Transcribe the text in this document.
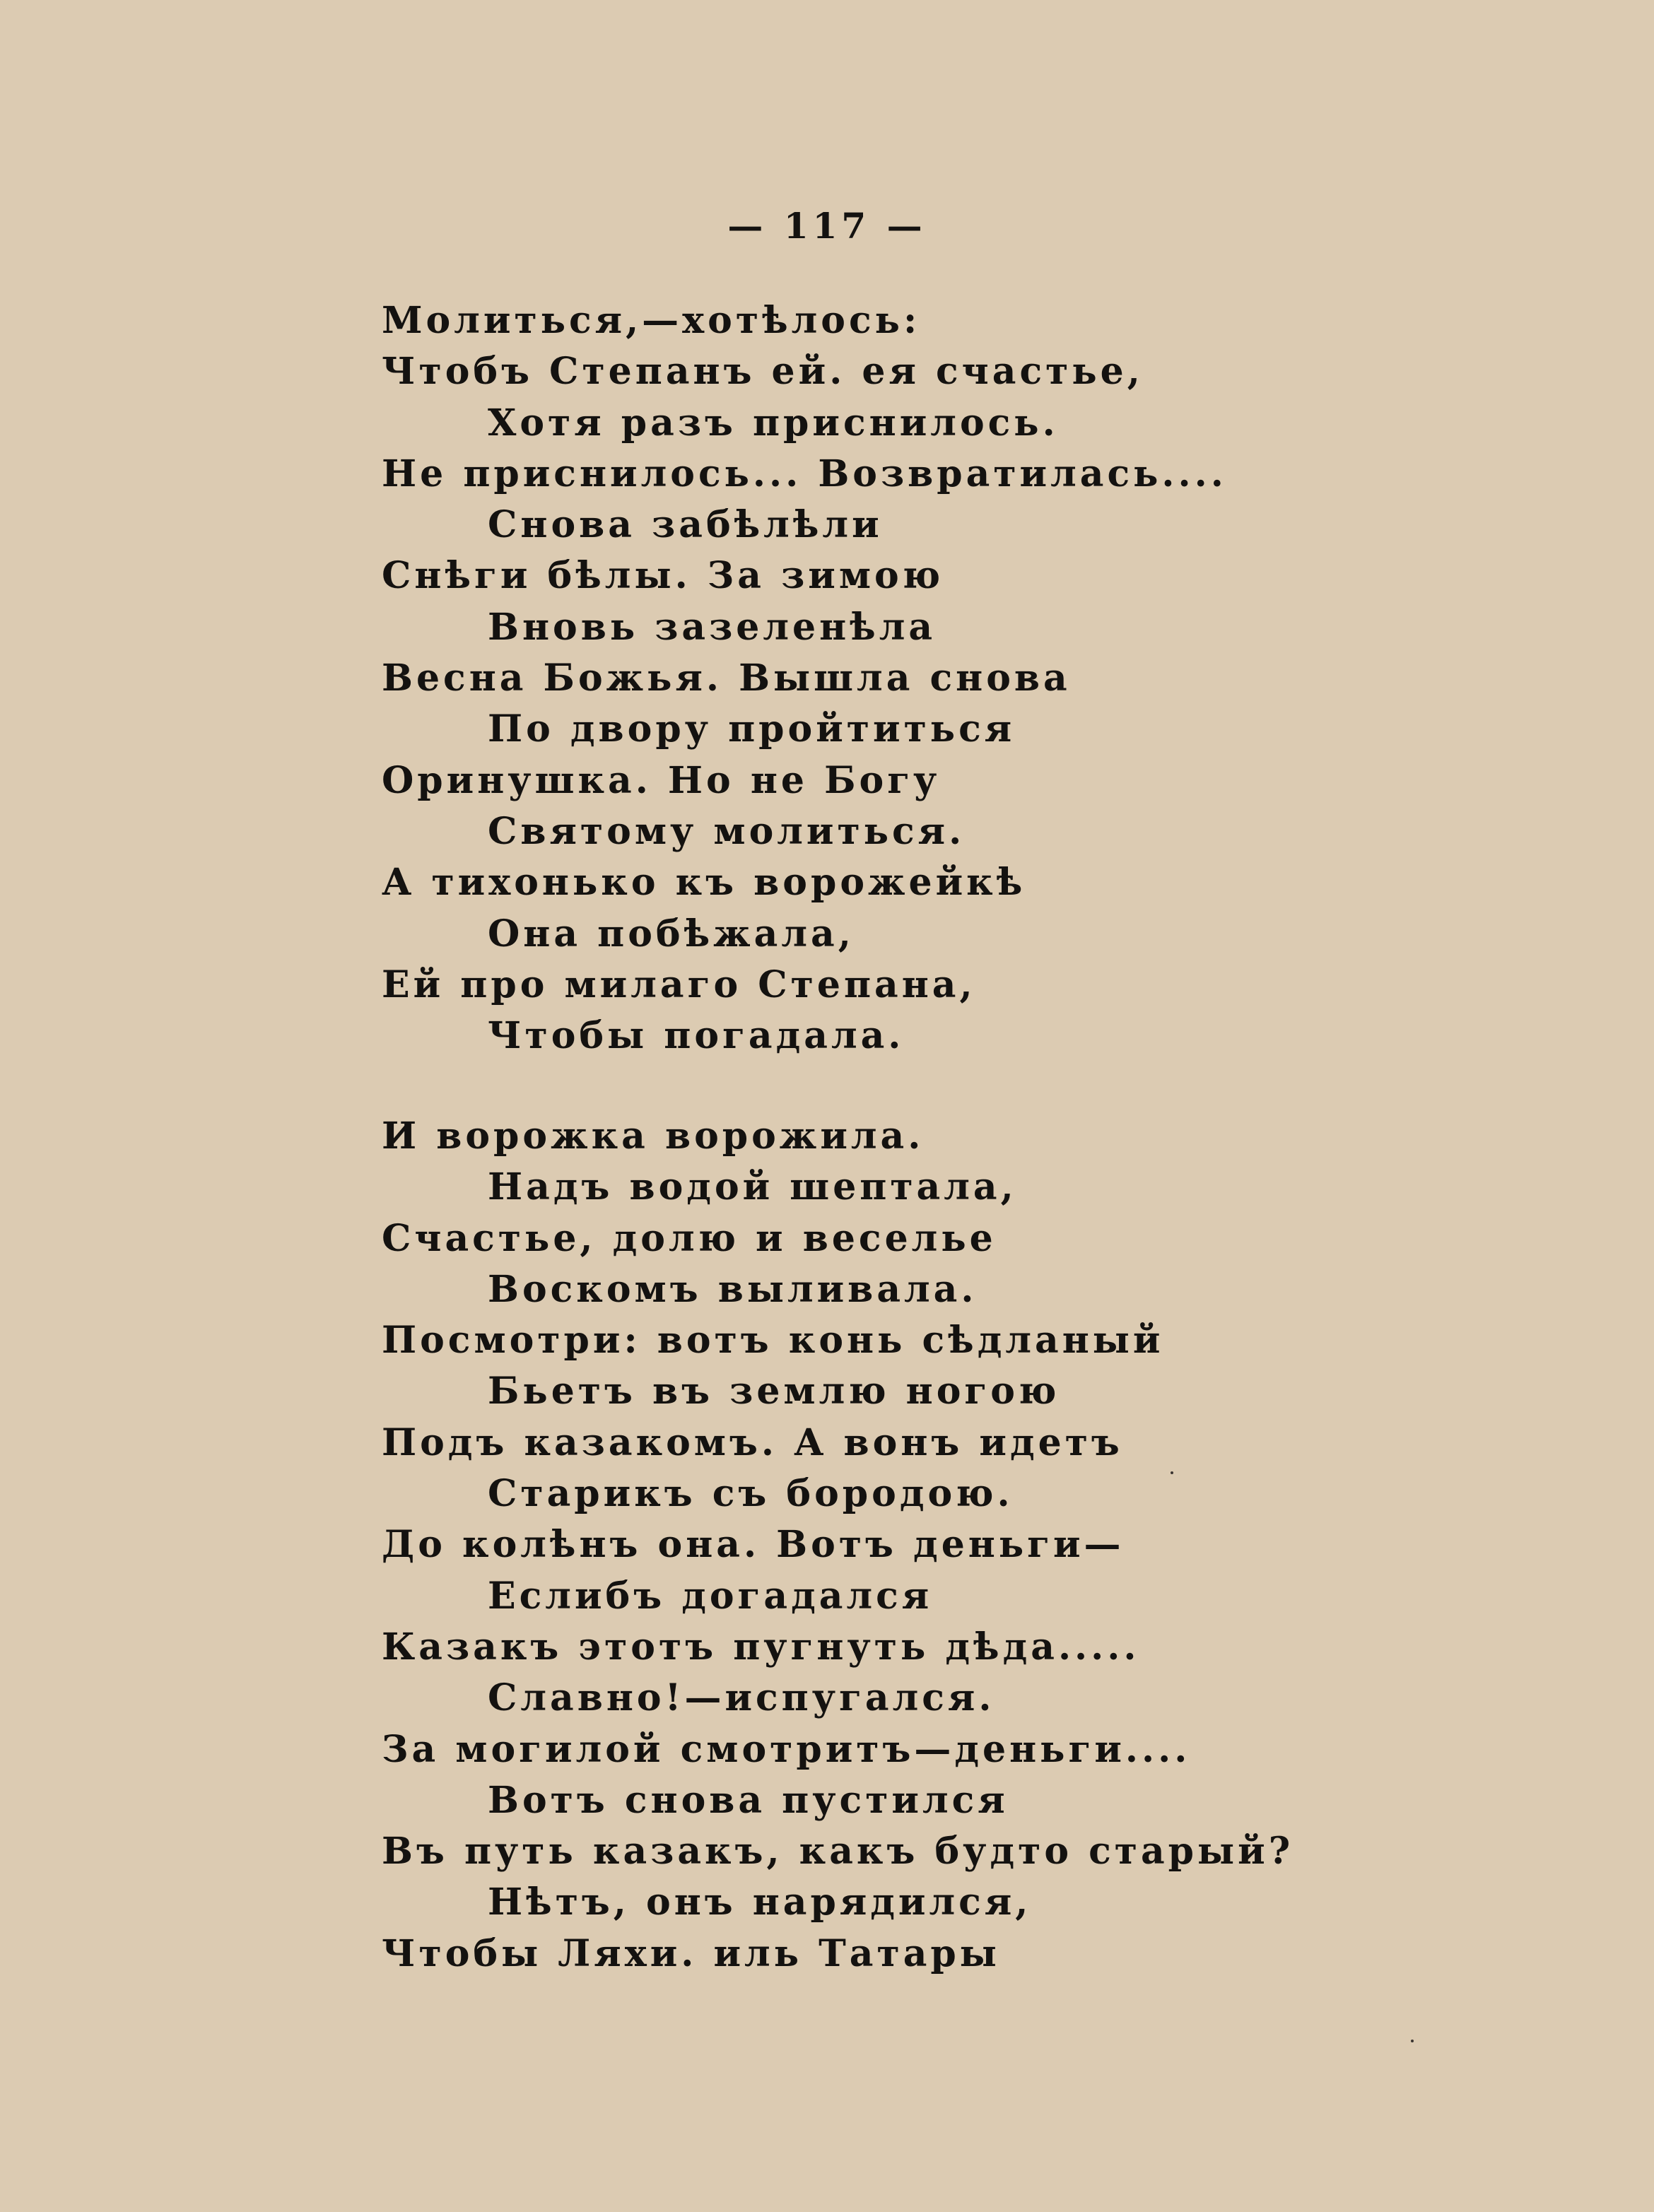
— 117 —
Молиться,—хотѣлось:
Чтобъ Степанъ ей. ея счастье,
Хотя разъ приснилось.
Не приснилось... Возвратилась....
Снова забѣлѣли
Снѣги бѣлы. За зимою
Вновь зазеленѣла
Весна Божья. Вышла снова
По двору пройтиться
Оринушка. Но не Богу
Святому молиться.
А тихонько къ ворожейкѣ
Она побѣжала,
Ей про милаго Степана,
Чтобы погадала.
И ворожка ворожила.
Надъ водой шептала,
Счастье, долю и веселье
Воскомъ выливала.
Посмотри: вотъ конь сѣдланый
Бьетъ въ землю ногою
Подъ казакомъ. А вонъ идетъ
Старикъ съ бородою.
До колѣнъ она. Вотъ деньги—
Еслибъ догадался
Казакъ этотъ пугнуть дѣда.....
Славно!—испугался.
За могилой смотритъ—деньги....
Вотъ снова пустился
Въ путь казакъ, какъ будто старый?
Нѣтъ, онъ нарядился,
Чтобы Ляхи. иль Татары
